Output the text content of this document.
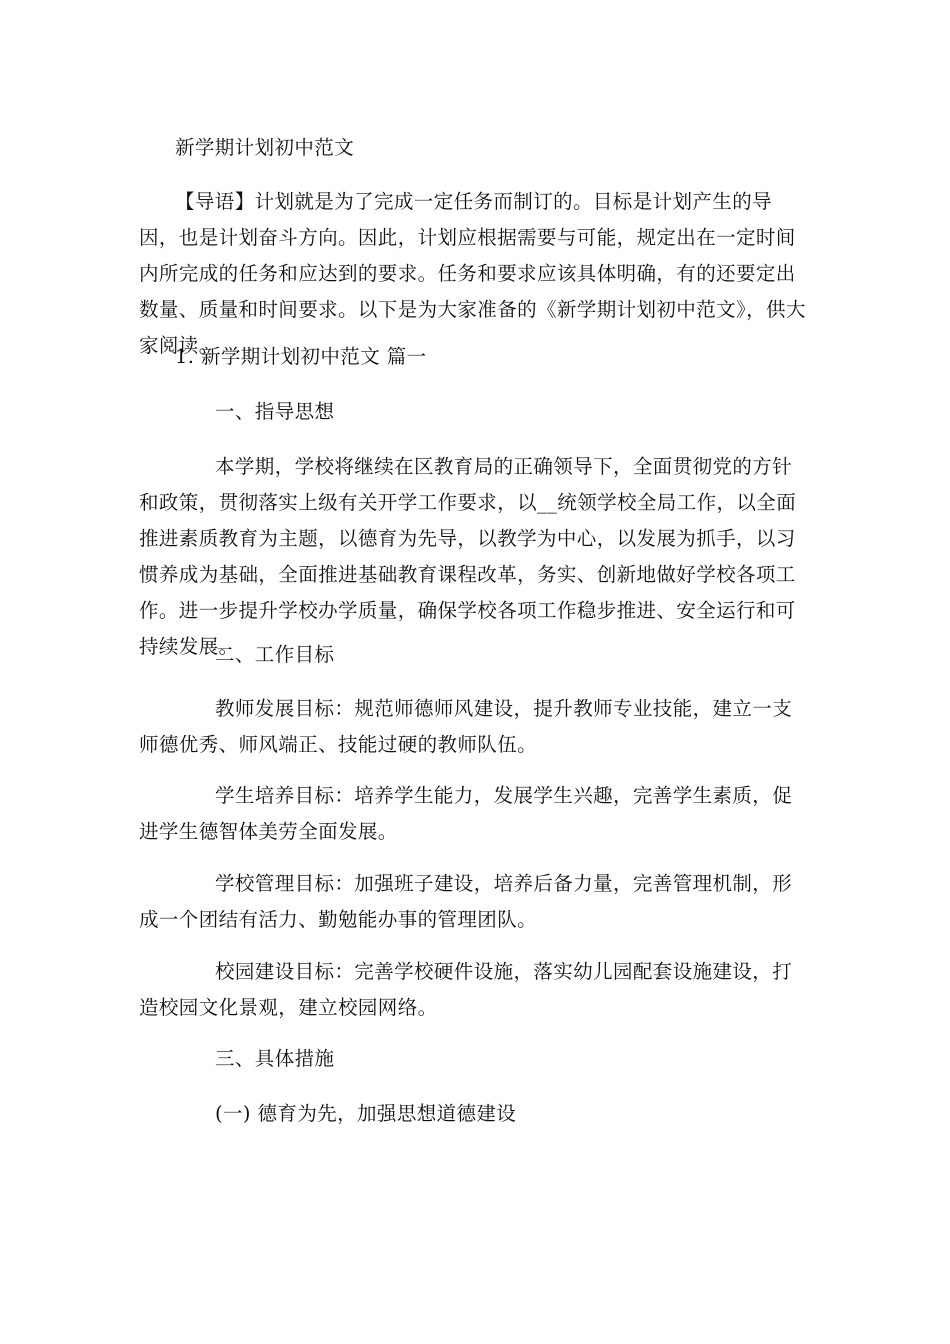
新学期计划初中范文

【导语】计划就是为了完成一定任务而制订的。目标是计划产生的导因，也是计划奋斗方向。因此，计划应根据需要与可能，规定出在一定时间内所完成的任务和应达到的要求。任务和要求应该具体明确，有的还要定出数量、质量和时间要求。以下是为大家准备的《新学期计划初中范文》，供大家阅读。

1. 新学期计划初中范文 篇一

一、指导思想

本学期，学校将继续在区教育局的正确领导下，全面贯彻党的方针和政策，贯彻落实上级有关开学工作要求，以__统领学校全局工作，以全面推进素质教育为主题，以德育为先导，以教学为中心，以发展为抓手，以习惯养成为基础，全面推进基础教育课程改革，务实、创新地做好学校各项工作。进一步提升学校办学质量，确保学校各项工作稳步推进、安全运行和可持续发展。

二、工作目标

教师发展目标：规范师德师风建设，提升教师专业技能，建立一支师德优秀、师风端正、技能过硬的教师队伍。

学生培养目标：培养学生能力，发展学生兴趣，完善学生素质，促进学生德智体美劳全面发展。

学校管理目标：加强班子建设，培养后备力量，完善管理机制，形成一个团结有活力、勤勉能办事的管理团队。

校园建设目标：完善学校硬件设施，落实幼儿园配套设施建设，打造校园文化景观，建立校园网络。

三、具体措施

(一) 德育为先，加强思想道德建设
